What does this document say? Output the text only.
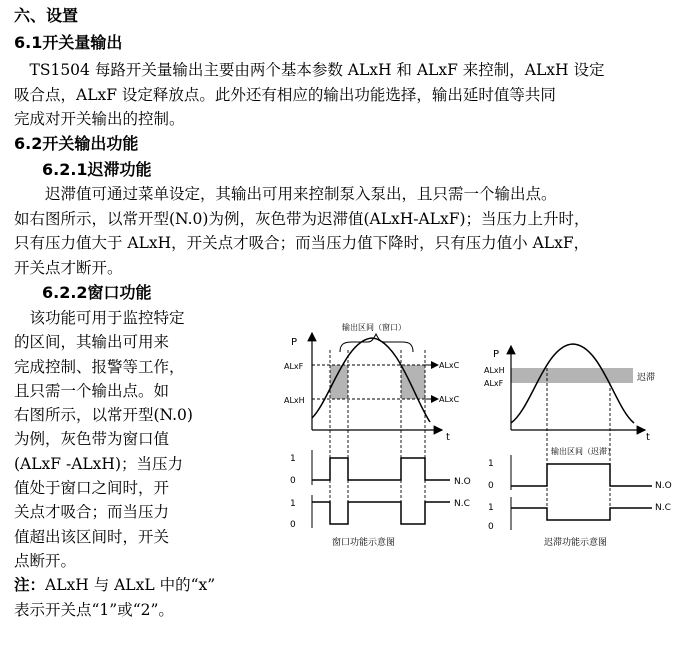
六、设置
6.1开关量输出
　TS1504 每路开关量输出主要由两个基本参数 ALxH 和 ALxF 来控制，ALxH 设定
吸合点，ALxF 设定释放点。此外还有相应的输出功能选择，输出延时值等共同
完成对开关输出的控制。
6.2开关输出功能
6.2.1迟滞功能
　　迟滞值可通过菜单设定，其输出可用来控制泵入泵出，且只需一个输出点。
如右图所示，以常开型(N.0)为例，灰色带为迟滞值(ALxH-ALxF)；当压力上升时，
只有压力值大于 ALxH，开关点才吸合；而当压力值下降时，只有压力值小 ALxF，
开关点才断开。
6.2.2窗口功能
　该功能可用于监控特定
的区间，其输出可用来
完成控制、报警等工作，
且只需一个输出点。如
右图所示，以常开型(N.0)
为例，灰色带为窗口值
(ALxF -ALxH)；当压力
值处于窗口之间时，开
关点才吸合；而当压力
值超出该区间时，开关
点断开。
注：ALxH 与 ALxL 中的“x”
表示开关点“1”或“2”。
P
输出区间（窗口）
ALxF
ALxH
ALxC
ALxC
t
1
0	N.O
1
0
N.C
窗口功能示意图
P
ALxH
ALxF
迟滞
t
输出区间（迟滞）
1
0	N.O
1
0
N.C
迟滞功能示意图
